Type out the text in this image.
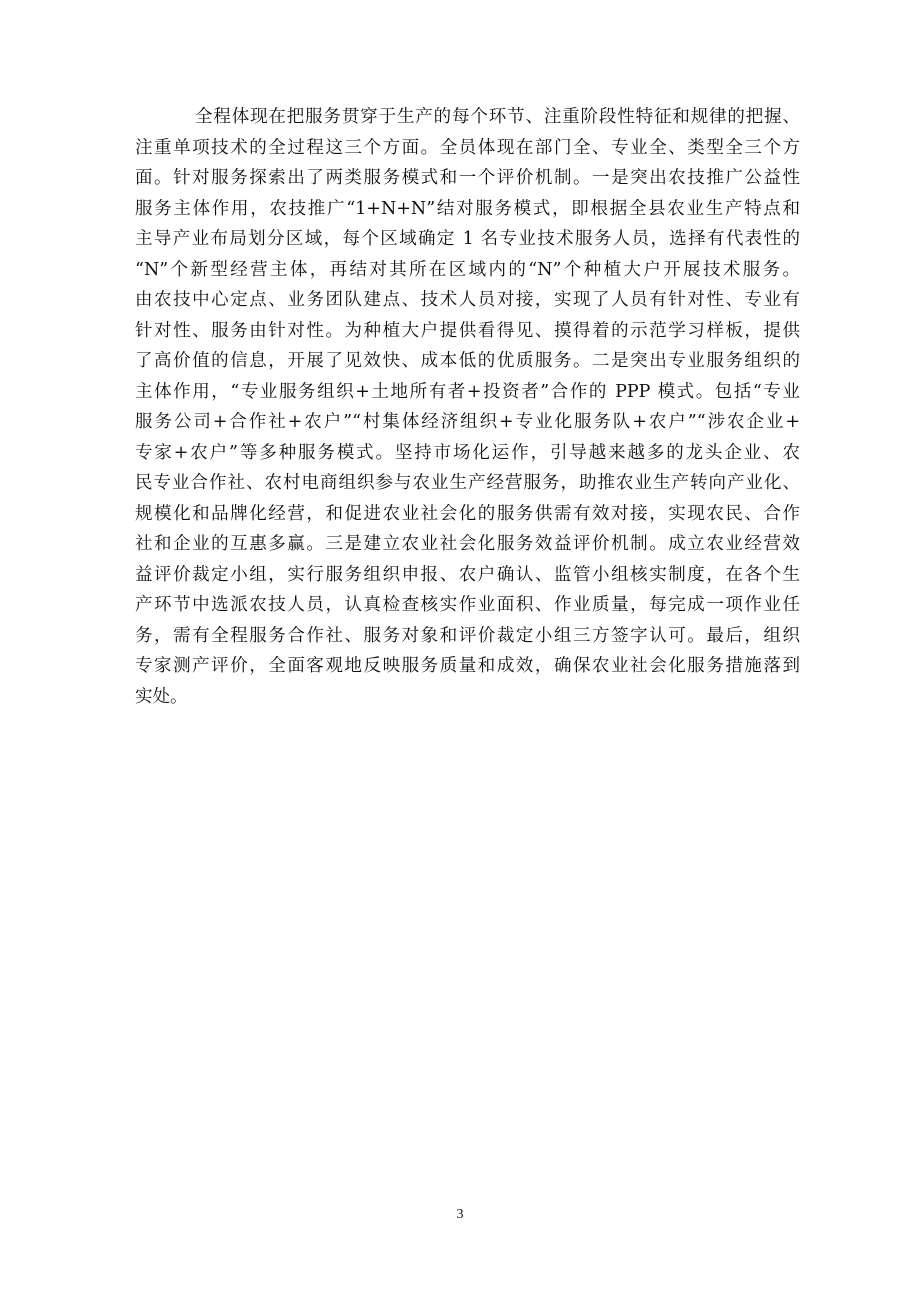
全程体现在把服务贯穿于生产的每个环节、注重阶段性特征和规律的把握、
注重单项技术的全过程这三个方面。全员体现在部门全、专业全、类型全三个方
面。针对服务探索出了两类服务模式和一个评价机制。一是突出农技推广公益性
服务主体作用，农技推广“1+N+N”结对服务模式，即根据全县农业生产特点和
主导产业布局划分区域，每个区域确定 1 名专业技术服务人员，选择有代表性的
“N”个新型经营主体，再结对其所在区域内的“N”个种植大户开展技术服务。
由农技中心定点、业务团队建点、技术人员对接，实现了人员有针对性、专业有
针对性、服务由针对性。为种植大户提供看得见、摸得着的示范学习样板，提供
了高价值的信息，开展了见效快、成本低的优质服务。二是突出专业服务组织的
主体作用，“专业服务组织+土地所有者+投资者”合作的 PPP 模式。包括“专业
服务公司+合作社+农户”“村集体经济组织+专业化服务队+农户”“涉农企业+
专家+农户”等多种服务模式。坚持市场化运作，引导越来越多的龙头企业、农
民专业合作社、农村电商组织参与农业生产经营服务，助推农业生产转向产业化、
规模化和品牌化经营，和促进农业社会化的服务供需有效对接，实现农民、合作
社和企业的互惠多赢。三是建立农业社会化服务效益评价机制。成立农业经营效
益评价裁定小组，实行服务组织申报、农户确认、监管小组核实制度，在各个生
产环节中选派农技人员，认真检查核实作业面积、作业质量，每完成一项作业任
务，需有全程服务合作社、服务对象和评价裁定小组三方签字认可。最后，组织
专家测产评价，全面客观地反映服务质量和成效，确保农业社会化服务措施落到
实处。

3
